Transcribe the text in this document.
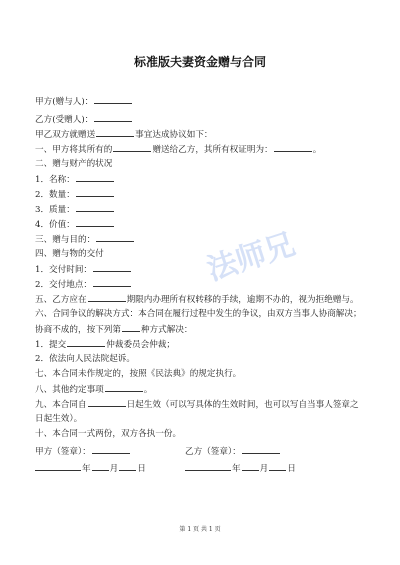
法师兄
标准版夫妻资金赠与合同
甲方(赠与人)：
乙方(受赠人)：
甲乙双方就赠送	事宜达成协议如下：
一、甲方将其所有的	赠送给乙方，其所有权证明为：	。
二、赠与财产的状况
1．名称：
2．数量：
3．质量：
4．价值：
三、赠与目的：
四、赠与物的交付
1．交付时间：
2．交付地点：
五、乙方应在	期限内办理所有权转移的手续，逾期不办的，视为拒绝赠与。
六、合同争议的解决方式：本合同在履行过程中发生的争议，由双方当事人协商解决；
协商不成的，按下列第 种方式解决：
1．提交	仲裁委员会仲裁；
2．依法向人民法院起诉。
七、本合同未作规定的，按照《民法典》的规定执行。
八、其他约定事项	。
九、本合同自	日起生效（可以写具体的生效时间，也可以写自当事人签章之
日起生效）。
十、本合同一式两份，双方各执一份。
甲方（签章）：	乙方（签章）：
年 月 日	年 月 日
第 1 页 共 1 页
